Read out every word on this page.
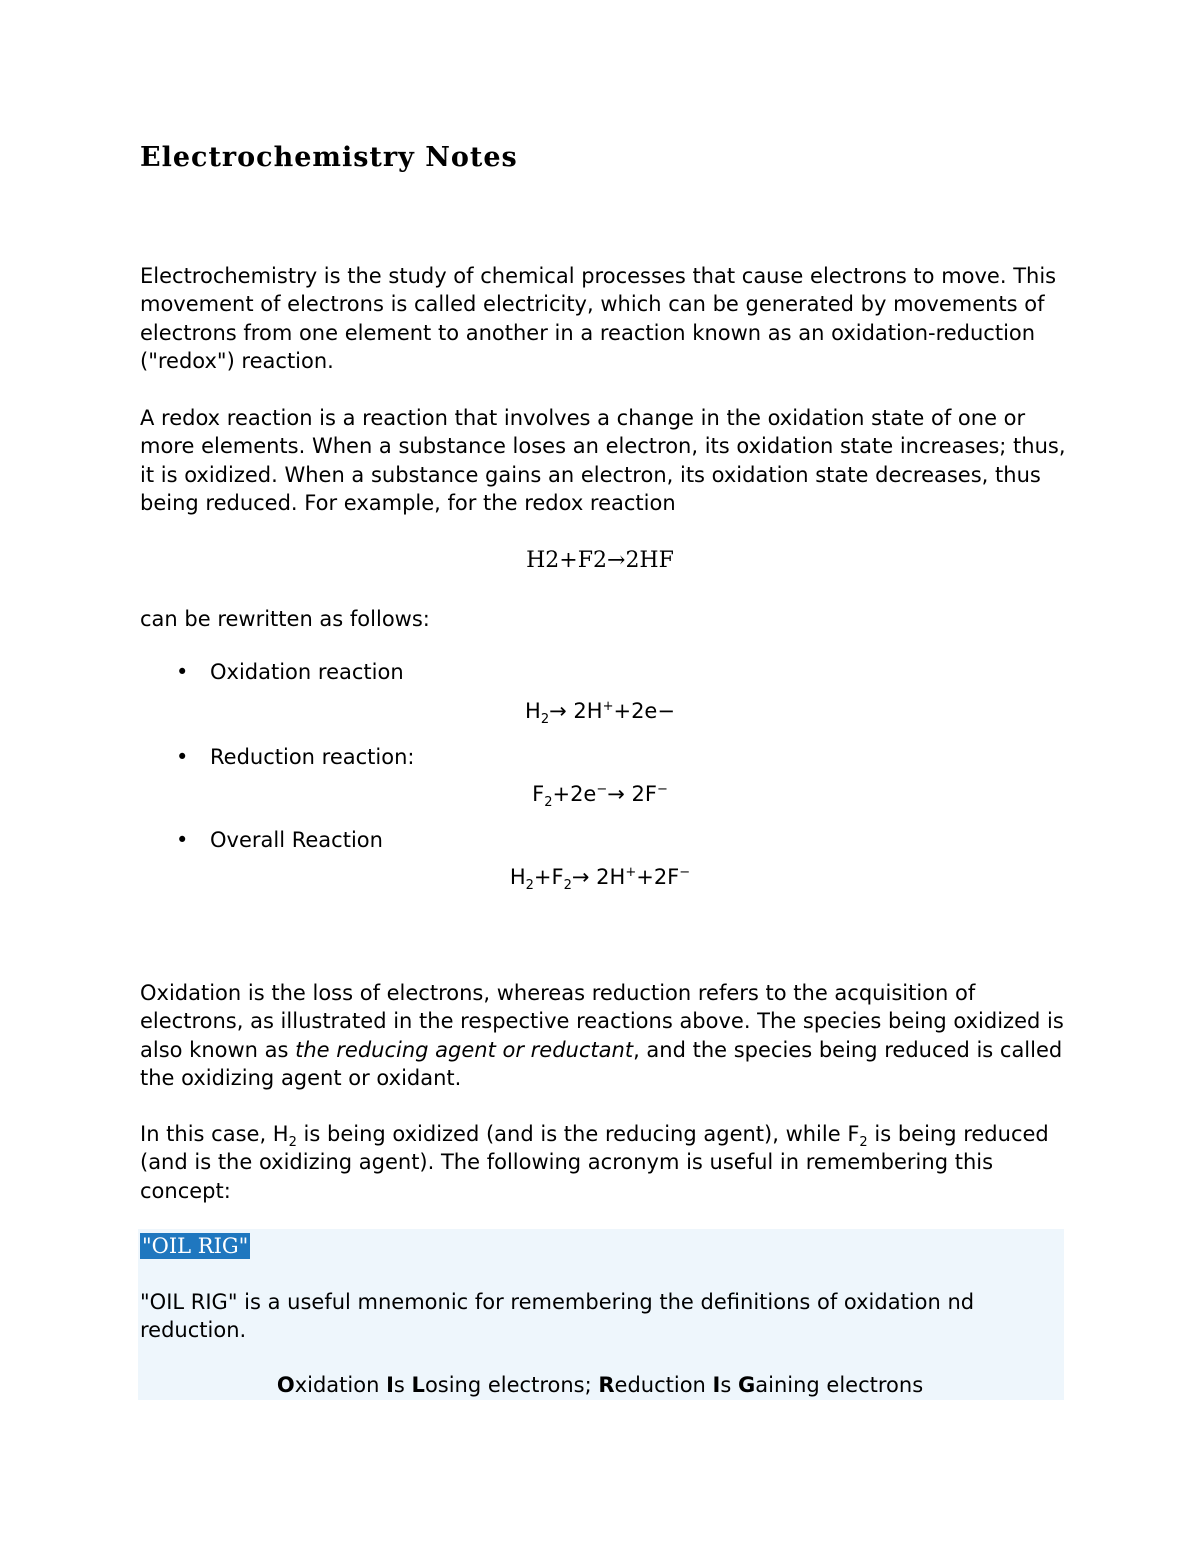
Electrochemistry Notes

Electrochemistry is the study of chemical processes that cause electrons to move. This movement of electrons is called electricity, which can be generated by movements of electrons from one element to another in a reaction known as an oxidation-reduction ("redox") reaction.

A redox reaction is a reaction that involves a change in the oxidation state of one or more elements. When a substance loses an electron, its oxidation state increases; thus, it is oxidized. When a substance gains an electron, its oxidation state decreases, thus being reduced. For example, for the redox reaction

H2+F2→2HF

can be rewritten as follows:

•	Oxidation reaction

$H_2\to 2H^++2e-$

•	Reduction reaction:

$F_2+2e^-\to 2F^-$

•	Overall Reaction

$H_2+F_2\to 2H^++2F^-$

Oxidation is the loss of electrons, whereas reduction refers to the acquisition of electrons, as illustrated in the respective reactions above. The species being oxidized is also known as the reducing agent or reductant, and the species being reduced is called the oxidizing agent or oxidant.

In this case, $H_2$ is being oxidized (and is the reducing agent), while $F_2$ is being reduced (and is the oxidizing agent). The following acronym is useful in remembering this concept:

"OIL RIG"

"OIL RIG" is a useful mnemonic for remembering the definitions of oxidation nd reduction.

Oxidation Is Losing electrons; Reduction Is Gaining electrons
